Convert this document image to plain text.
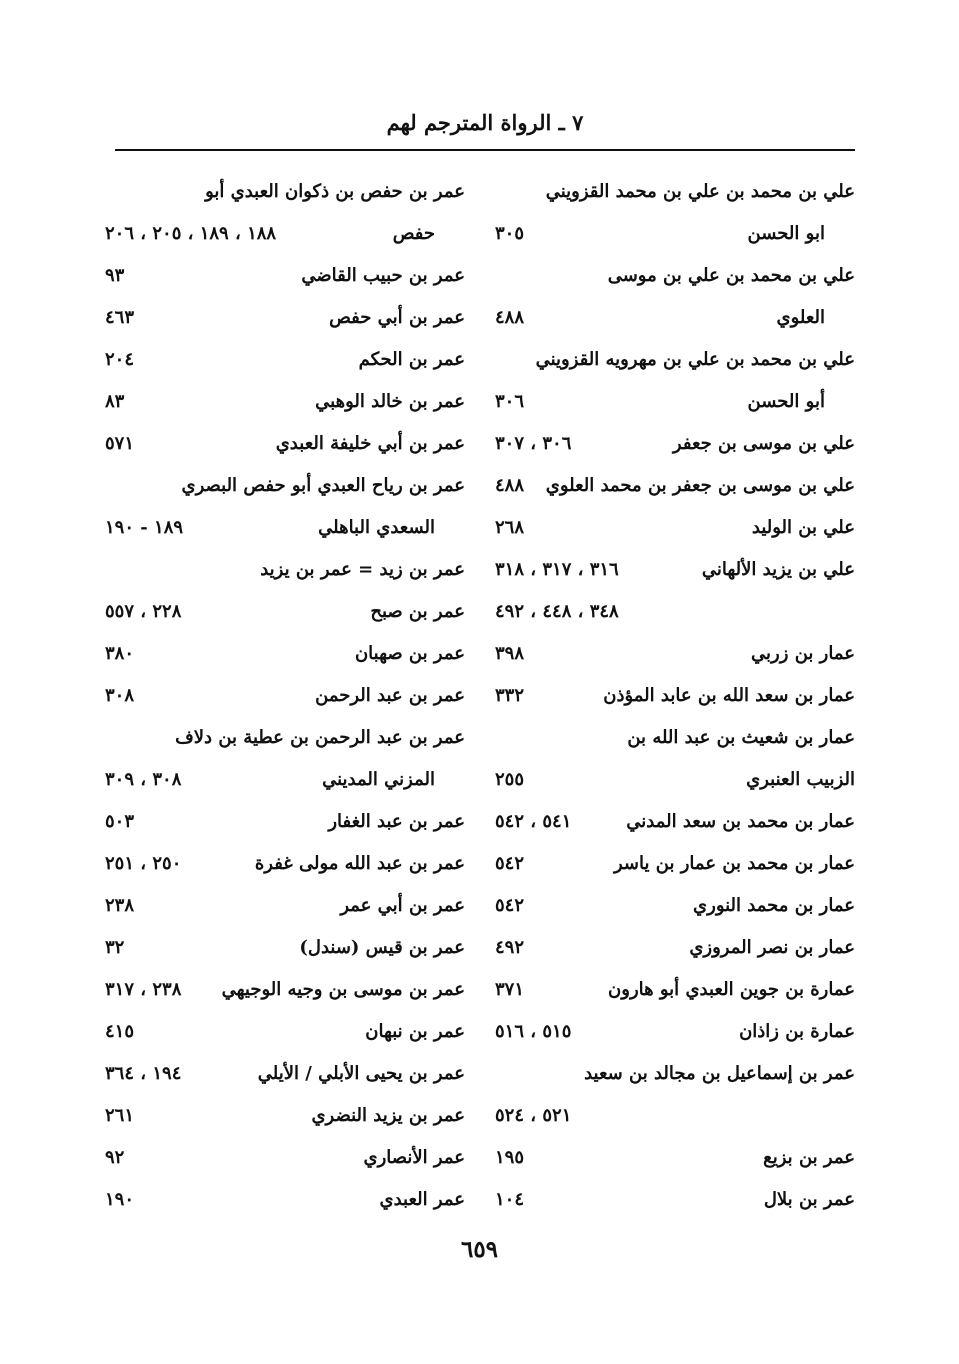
٧ ـ الرواة المترجم لهم
علي بن محمد بن علي بن محمد القزويني
ابو الحسن
٣٠٥
علي بن محمد بن علي بن موسى
العلوي
٤٨٨
علي بن محمد بن علي بن مهرويه القزويني
أبو الحسن
٣٠٦
علي بن موسى بن جعفر
٣٠٦ ، ٣٠٧
علي بن موسى بن جعفر بن محمد العلوي
٤٨٨
علي بن الوليد
٢٦٨
علي بن يزيد الألهاني
٣١٦ ، ٣١٧ ، ٣١٨
٣٤٨ ، ٤٤٨ ، ٤٩٢
عمار بن زربي
٣٩٨
عمار بن سعد الله بن عابد المؤذن
٣٣٢
عمار بن شعيث بن عبد الله بن
الزبيب العنبري
٢٥٥
عمار بن محمد بن سعد المدني
٥٤١ ، ٥٤٢
عمار بن محمد بن عمار بن ياسر
٥٤٢
عمار بن محمد النوري
٥٤٢
عمار بن نصر المروزي
٤٩٢
عمارة بن جوين العبدي أبو هارون
٣٧١
عمارة بن زاذان
٥١٥ ، ٥١٦
عمر بن إسماعيل بن مجالد بن سعيد
٥٢١ ، ٥٢٤
عمر بن بزيع
١٩٥
عمر بن بلال
١٠٤
عمر بن حفص بن ذكوان العبدي أبو
حفص
١٨٨ ، ١٨٩ ، ٢٠٥ ، ٢٠٦
عمر بن حبيب القاضي
٩٣
عمر بن أبي حفص
٤٦٣
عمر بن الحكم
٢٠٤
عمر بن خالد الوهبي
٨٣
عمر بن أبي خليفة العبدي
٥٧١
عمر بن رياح العبدي أبو حفص البصري
السعدي الباهلي
١٨٩ - ١٩٠
عمر بن زيد = عمر بن يزيد
عمر بن صبح
٢٢٨ ، ٥٥٧
عمر بن صهبان
٣٨٠
عمر بن عبد الرحمن
٣٠٨
عمر بن عبد الرحمن بن عطية بن دلاف
المزني المديني
٣٠٨ ، ٣٠٩
عمر بن عبد الغفار
٥٠٣
عمر بن عبد الله مولى غفرة
٢٥٠ ، ٢٥١
عمر بن أبي عمر
٢٣٨
عمر بن قيس (سندل)
٣٢
عمر بن موسى بن وجيه الوجيهي
٢٣٨ ، ٣١٧
عمر بن نبهان
٤١٥
عمر بن يحيى الأبلي / الأيلي
١٩٤ ، ٣٦٤
عمر بن يزيد النضري
٢٦١
عمر الأنصاري
٩٢
عمر العبدي
١٩٠
٦٥٩
